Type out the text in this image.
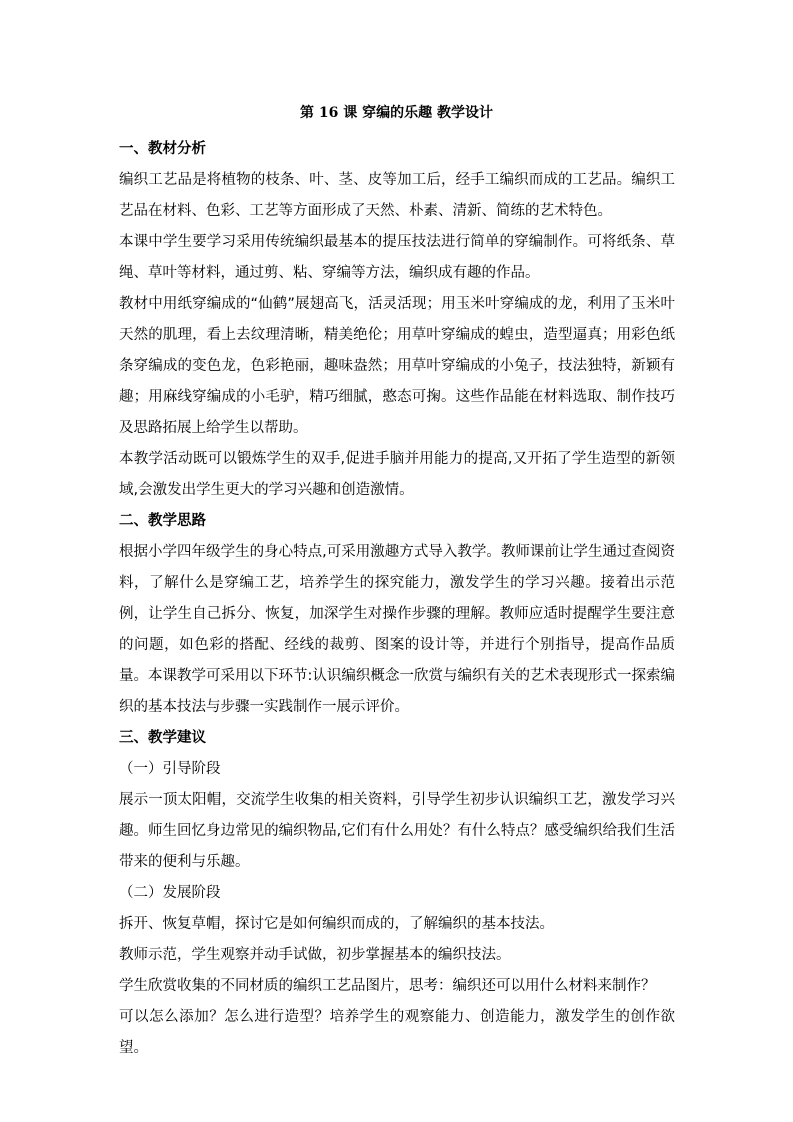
第 16 课 穿编的乐趣 教学设计

一、教材分析

编织工艺品是将植物的枝条、叶、茎、皮等加工后，经手工编织而成的工艺品。编织工艺品在材料、色彩、工艺等方面形成了天然、朴素、清新、简练的艺术特色。

本课中学生要学习采用传统编织最基本的提压技法进行简单的穿编制作。可将纸条、草绳、草叶等材料，通过剪、粘、穿编等方法，编织成有趣的作品。

教材中用纸穿编成的“仙鹤”展翅高飞，活灵活现；用玉米叶穿编成的龙，利用了玉米叶天然的肌理，看上去纹理清晰，精美绝伦；用草叶穿编成的蝗虫，造型逼真；用彩色纸条穿编成的变色龙，色彩艳丽，趣味盎然；用草叶穿编成的小兔子，技法独特，新颖有趣；用麻线穿编成的小毛驴，精巧细腻，憨态可掬。这些作品能在材料选取、制作技巧及思路拓展上给学生以帮助。

本教学活动既可以锻炼学生的双手,促进手脑并用能力的提高,又开拓了学生造型的新领域,会激发出学生更大的学习兴趣和创造激情。

二、教学思路

根据小学四年级学生的身心特点,可采用激趣方式导入教学。教师课前让学生通过查阅资料，了解什么是穿编工艺，培养学生的探究能力，激发学生的学习兴趣。接着出示范例，让学生自己拆分、恢复，加深学生对操作步骤的理解。教师应适时提醒学生要注意的问题，如色彩的搭配、经线的裁剪、图案的设计等，并进行个别指导，提高作品质量。本课教学可采用以下环节:认识编织概念一欣赏与编织有关的艺术表现形式一探索编织的基本技法与步骤一实践制作一展示评价。

三、教学建议

（一）引导阶段

展示一顶太阳帽，交流学生收集的相关资料，引导学生初步认识编织工艺，激发学习兴趣。师生回忆身边常见的编织物品,它们有什么用处？有什么特点？感受编织给我们生活带来的便利与乐趣。

（二）发展阶段

拆开、恢复草帽，探讨它是如何编织而成的，了解编织的基本技法。

教师示范，学生观察并动手试做，初步掌握基本的编织技法。

学生欣赏收集的不同材质的编织工艺品图片，思考：编织还可以用什么材料来制作？

可以怎么添加？怎么进行造型？培养学生的观察能力、创造能力，激发学生的创作欲望。
